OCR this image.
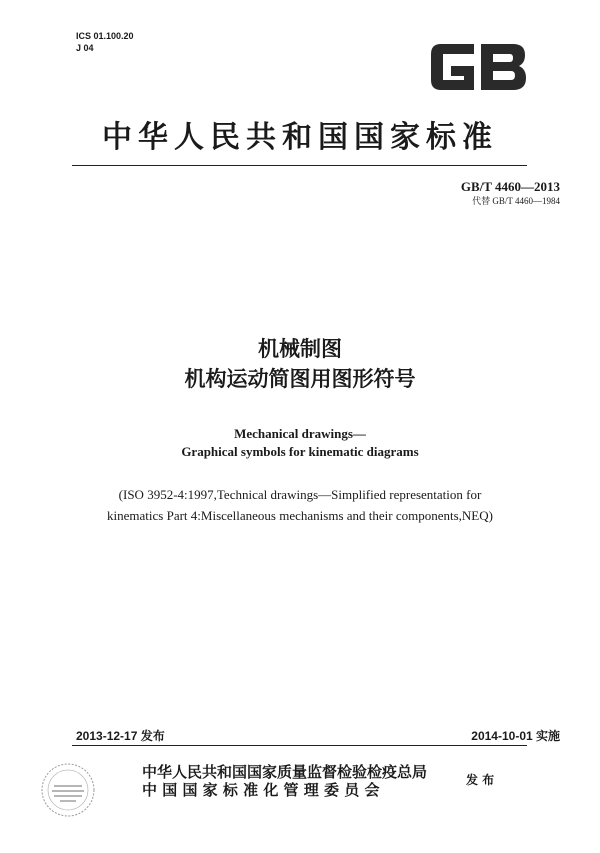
ICS 01.100.20
J 04
中华人民共和国国家标准
GB/T 4460—2013
代替 GB/T 4460—1984
机械制图
机构运动简图用图形符号
Mechanical drawings—
Graphical symbols for kinematic diagrams
(ISO 3952-4:1997,Technical drawings—Simplified representation for
kinematics Part 4:Miscellaneous mechanisms and their components,NEQ)
2013-12-17 发布	2014-10-01 实施
中华人民共和国国家质量监督检验检疫总局
中 国 国 家 标 准 化 管 理 委 员 会
发 布
